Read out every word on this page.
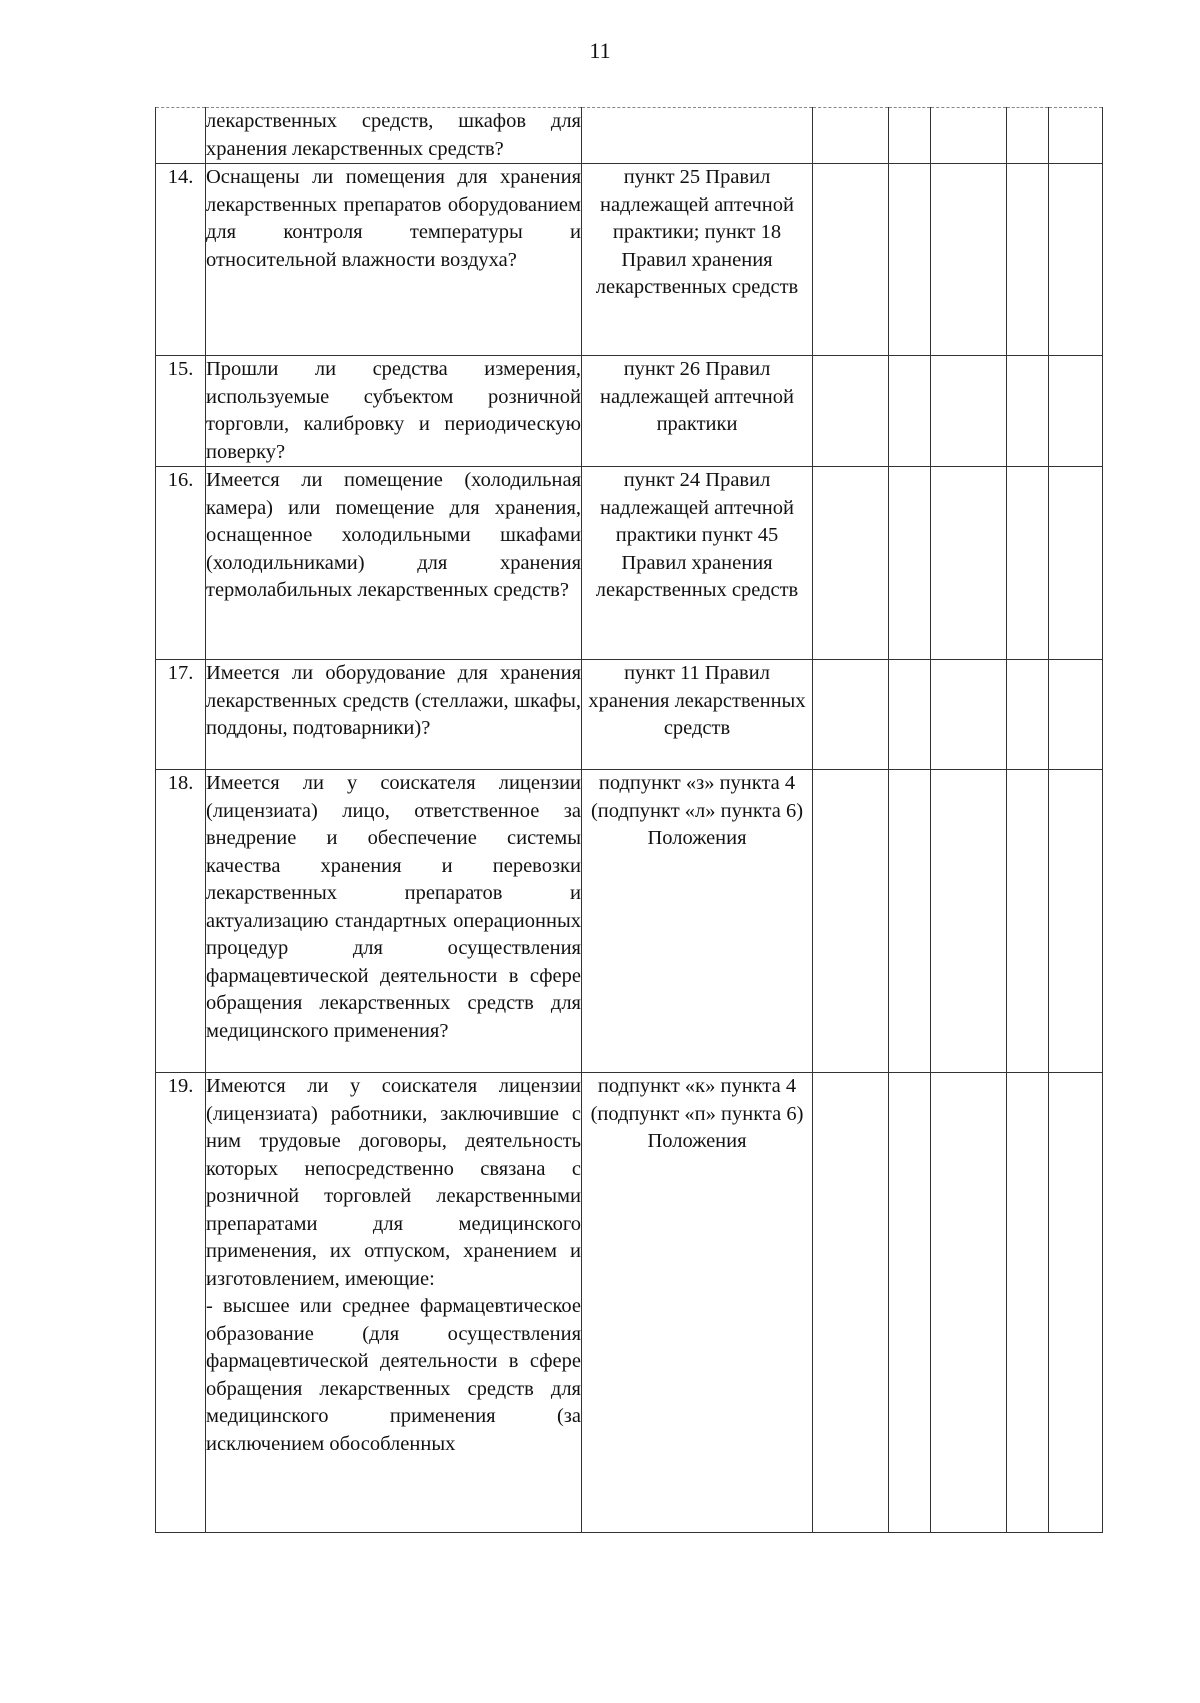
11
	лекарственных средств, шкафов для хранения лекарственных средств?						
14.	Оснащены ли помещения для хранения лекарственных препаратов оборудованием для контроля температуры и относительной влажности воздуха?	пункт 25 Правил надлежащей аптечной практики; пункт 18 Правил хранения лекарственных средств					
15.	Прошли ли средства измерения, используемые субъектом розничной торговли, калибровку и периодическую поверку?	пункт 26 Правил надлежащей аптечной практики					
16.	Имеется ли помещение (холодильная камера) или помещение для хранения, оснащенное холодильными шкафами (холодильниками) для хранения термолабильных лекарственных средств?	пункт 24 Правил надлежащей аптечной практики пункт 45 Правил хранения лекарственных средств					
17.	Имеется ли оборудование для хранения лекарственных средств (стеллажи, шкафы, поддоны, подтоварники)?	пункт 11 Правил хранения лекарственных средств					
18.	Имеется ли у соискателя лицензии (лицензиата) лицо, ответственное за внедрение и обеспечение системы качества хранения и перевозки лекарственных препаратов и актуализацию стандартных операционных процедур для осуществления фармацевтической деятельности в сфере обращения лекарственных средств для медицинского применения?	подпункт «з» пункта 4 (подпункт «л» пункта 6) Положения					
19.	Имеются ли у соискателя лицензии (лицензиата) работники, заключившие с ним трудовые договоры, деятельность которых непосредственно связана с розничной торговлей лекарственными препаратами для медицинского применения, их отпуском, хранением и изготовлением, имеющие:
- высшее или среднее фармацевтическое образование (для осуществления фармацевтической деятельности в сфере обращения лекарственных средств для медицинского применения (за исключением обособленных	подпункт «к» пункта 4 (подпункт «п» пункта 6) Положения					
